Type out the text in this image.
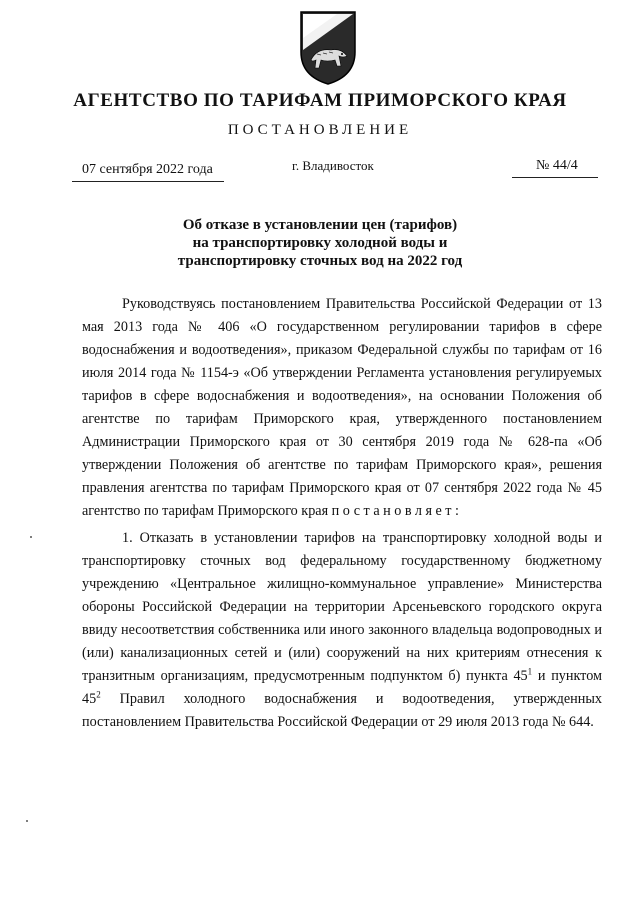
АГЕНТСТВО ПО ТАРИФАМ ПРИМОРСКОГО КРАЯ
ПОСТАНОВЛЕНИЕ
07 сентября 2022 года	г. Владивосток	№ 44/4
Об отказе в установлении цен (тарифов)
на транспортировку холодной воды и
транспортировку сточных вод на 2022 год

Руководствуясь постановлением Правительства Российской Федерации от 13 мая 2013 года № 406 «О государственном регулировании тарифов в сфере водоснабжения и водоотведения», приказом Федеральной службы по тарифам от 16 июля 2014 года № 1154-э «Об утверждении Регламента установления регулируемых тарифов в сфере водоснабжения и водоотведения», на основании Положения об агентстве по тарифам Приморского края, утвержденного постановлением Администрации Приморского края от 30 сентября 2019 года № 628-па «Об утверждении Положения об агентстве по тарифам Приморского края», решения правления агентства по тарифам Приморского края от 07 сентября 2022 года № 45 агентство по тарифам Приморского края постановляет:

1. Отказать в установлении тарифов на транспортировку холодной воды и транспортировку сточных вод федеральному государственному бюджетному учреждению «Центральное жилищно-коммунальное управление» Министерства обороны Российской Федерации на территории Арсеньевского городского округа ввиду несоответствия собственника или иного законного владельца водопроводных и (или) канализационных сетей и (или) сооружений на них критериям отнесения к транзитным организациям, предусмотренным подпунктом б) пункта $45^1$ и пунктом $45^2$ Правил холодного водоснабжения и водоотведения, утвержденных постановлением Правительства Российской Федерации от 29 июля 2013 года № 644.
